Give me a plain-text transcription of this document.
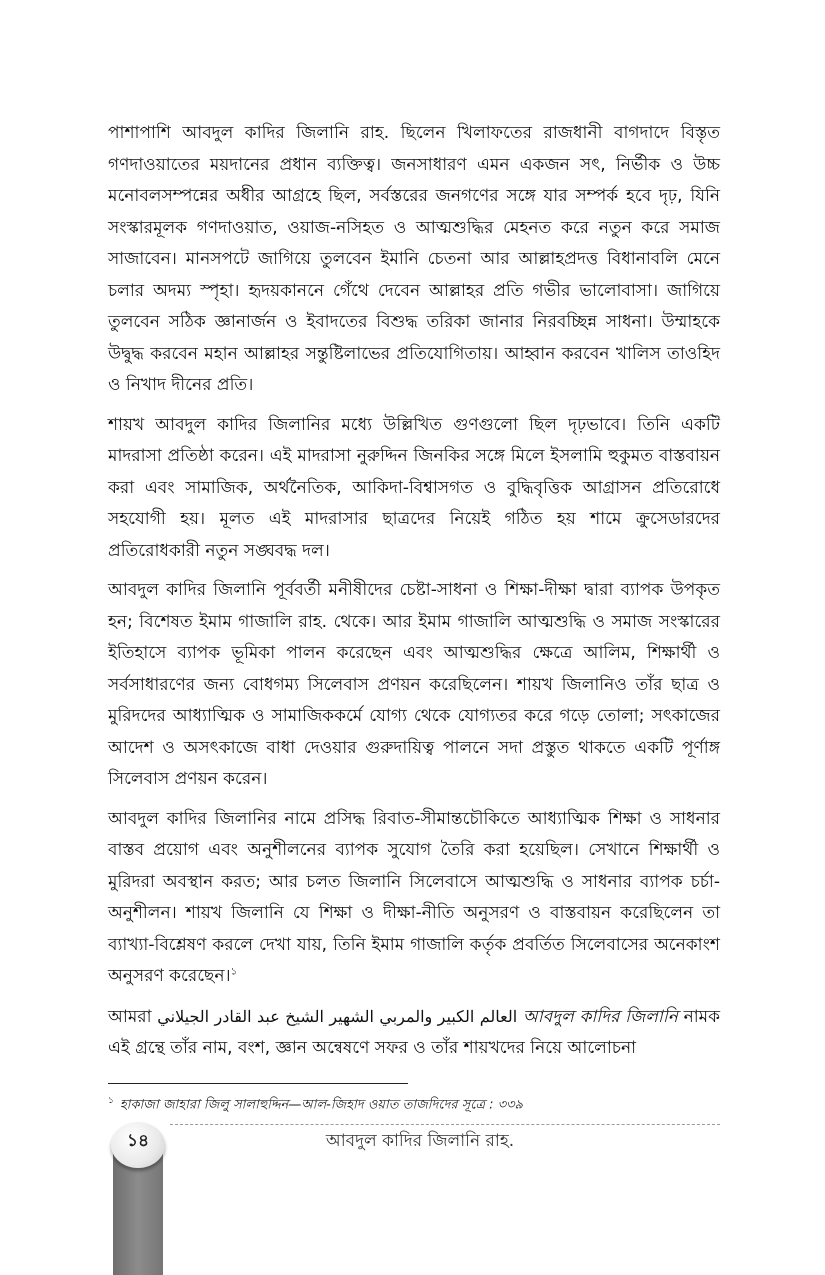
পাশাপাশি আবদুল কাদির জিলানি রাহ. ছিলেন খিলাফতের রাজধানী বাগদাদে বিস্তৃত গণদাওয়াতের ময়দানের প্রধান ব্যক্তিত্ব। জনসাধারণ এমন একজন সৎ, নির্ভীক ও উচ্চ মনোবলসম্পন্নের অধীর আগ্রহে ছিল, সর্বস্তরের জনগণের সঙ্গে যার সম্পর্ক হবে দৃঢ়, যিনি সংস্কারমূলক গণদাওয়াত, ওয়াজ-নসিহত ও আত্মশুদ্ধির মেহনত করে নতুন করে সমাজ সাজাবেন। মানসপটে জাগিয়ে তুলবেন ইমানি চেতনা আর আল্লাহপ্রদত্ত বিধানাবলি মেনে চলার অদম্য স্পৃহা। হৃদয়কাননে গেঁথে দেবেন আল্লাহর প্রতি গভীর ভালোবাসা। জাগিয়ে তুলবেন সঠিক জ্ঞানার্জন ও ইবাদতের বিশুদ্ধ তরিকা জানার নিরবচ্ছিন্ন সাধনা। উম্মাহকে উদ্বুদ্ধ করবেন মহান আল্লাহর সন্তুষ্টিলাভের প্রতিযোগিতায়। আহ্বান করবেন খালিস তাওহিদ ও নিখাদ দীনের প্রতি।

শায়খ আবদুল কাদির জিলানির মধ্যে উল্লিখিত গুণগুলো ছিল দৃঢ়ভাবে। তিনি একটি মাদরাসা প্রতিষ্ঠা করেন। এই মাদরাসা নুরুদ্দিন জিনকির সঙ্গে মিলে ইসলামি হুকুমত বাস্তবায়ন করা এবং সামাজিক, অর্থনৈতিক, আকিদা-বিশ্বাসগত ও বুদ্ধিবৃত্তিক আগ্রাসন প্রতিরোধে সহযোগী হয়। মূলত এই মাদরাসার ছাত্রদের নিয়েই গঠিত হয় শামে ক্রুসেডারদের প্রতিরোধকারী নতুন সঙ্ঘবদ্ধ দল।

আবদুল কাদির জিলানি পূর্ববর্তী মনীষীদের চেষ্টা-সাধনা ও শিক্ষা-দীক্ষা দ্বারা ব্যাপক উপকৃত হন; বিশেষত ইমাম গাজালি রাহ. থেকে। আর ইমাম গাজালি আত্মশুদ্ধি ও সমাজ সংস্কারের ইতিহাসে ব্যাপক ভূমিকা পালন করেছেন এবং আত্মশুদ্ধির ক্ষেত্রে আলিম, শিক্ষার্থী ও সর্বসাধারণের জন্য বোধগম্য সিলেবাস প্রণয়ন করেছিলেন। শায়খ জিলানিও তাঁর ছাত্র ও মুরিদদের আধ্যাত্মিক ও সামাজিককর্মে যোগ্য থেকে যোগ্যতর করে গড়ে তোলা; সৎকাজের আদেশ ও অসৎকাজে বাধা দেওয়ার গুরুদায়িত্ব পালনে সদা প্রস্তুত থাকতে একটি পূর্ণাঙ্গ সিলেবাস প্রণয়ন করেন।

আবদুল কাদির জিলানির নামে প্রসিদ্ধ রিবাত-সীমান্তচৌকিতে আধ্যাত্মিক শিক্ষা ও সাধনার বাস্তব প্রয়োগ এবং অনুশীলনের ব্যাপক সুযোগ তৈরি করা হয়েছিল। সেখানে শিক্ষার্থী ও মুরিদরা অবস্থান করত; আর চলত জিলানি সিলেবাসে আত্মশুদ্ধি ও সাধনার ব্যাপক চর্চা-অনুশীলন। শায়খ জিলানি যে শিক্ষা ও দীক্ষা-নীতি অনুসরণ ও বাস্তবায়ন করেছিলেন তা ব্যাখ্যা-বিশ্লেষণ করলে দেখা যায়, তিনি ইমাম গাজালি কর্তৃক প্রবর্তিত সিলেবাসের অনেকাংশ অনুসরণ করেছেন।$^১$

আমরা العالم الكبير والمربي الشهير الشيخ عبد القادر الجيلاني আবদুল কাদির জিলানি নামক এই গ্রন্থে তাঁর নাম, বংশ, জ্ঞান অন্বেষণে সফর ও তাঁর শায়খদের নিয়ে আলোচনা

$^১$ হাকাজা জাহারা জিলু সালাহুদ্দিন—আল-জিহাদ ওয়াত তাজদিদের সূত্রে : ৩৩৯
১৪	আবদুল কাদির জিলানি রাহ.
